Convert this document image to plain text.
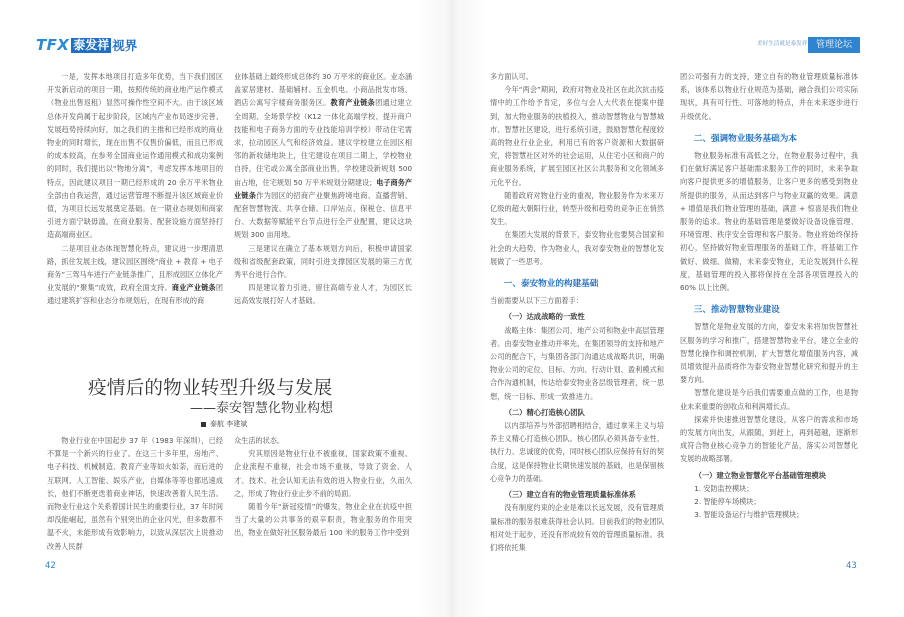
TFX 泰发祥 视界	美好生活就是泰发祥 管理论坛
一是，发挥本地项目打造多年优势，当下我们园区开发新启动的项目一期，按照传统的商业地产运作模式（物业出售返租）显然可操作性空间不大。由于该区域总体开发尚属于起步阶段，区域内产业布局逐步完善、发展趋势持续向好，加之我们的主推和已经形成的商业物业的同时增长，现在出售不仅售价偏低，而且已形成的成本较高，在参考全国商业运作通用模式和成功案例的同时，我们提出以“物地分离”，考虑发挥本地项目的特点，因此建议项目一期已经形成的 20 余万平米物业全部由自我运营，通过运营管理不断提升该区域商业价值，为项目长远发展奠定基础。在一期业态规划和商家引进方面宁缺毋滥，在商业服务、配套设施方面坚持打造高端商业区。
二是项目业态体现智慧化特点，建议进一步理清思路，抓住发展主线，建议园区围绕“商业 + 教育 + 电子商务”三驾马车进行产业链条推广，且形成园区立体化产业发展的“聚集”成效，政府全面支持。商业产业链条团通过建筑扩容和业态分布规划后，在现有形成的商
业体基础上最终形成总体约 30 万平米的商业区。业态涵盖家居建材、基础辅材、五金机电、小商品批发市场、酒店公寓写字楼商务服务区。教育产业链条团通过建立全周期、全场景学校（K12 一体化高端学校、提升商户技能和电子商务方面的专业技能培训学校）带动住宅需求，拉动园区人气和经济效益。建议学校建立在园区相邻的新收储地块上，住宅建设在项目二期上，学校物业自持，住宅或公寓全部商业出售，学校建设新规划 500 亩占地，住宅规划 50 万平米规划分期建设；电子商务产业链条作为园区的招商产业聚焦跨境电商、直播营销、配套智慧物流、共享仓储、口岸站点、保税仓、信息平台、大数据等赋能平台节点进行全产业配置，建议这块规划 300 亩用地。
三是建议在确立了基本规划方向后，积极申请国家级和省级配套政策，同时引进支撑园区发展的第三方优秀平台进行合作。
四是建议着力引进、留住高端专业人才，为园区长远高效发展打好人才基础。
疫情后的物业转型升级与发展
——泰安智慧化物业构想
泰航 李建斌
物业行业在中国起步 37 年（1983 年深圳），已经不算是一个新兴的行业了。在这三十多年里，房地产、电子科技、机械制造、教育产业等如火如荼，而后进的互联网、人工智能、娱乐产业，自媒体等等也都迅速成长，他们不断更迭着商业神话，快速改善着人民生活。而物业行业这个关系着国计民生的重要行业，37 年时间却没能崛起，虽然有个别突出的企业闪光，但多数都不温不火，未能形成有效影响力，以致从深层次上说推动改善人民群
众生活的状态。
究其原因是物业行业不被重视，国家政策不重视、企业流程不重视，社会市场不重视，导致了资金、人才、技术、社会认知无法有效的进入物业行业，久而久之，形成了物业行业止步不前的局面。
随着今年“新冠疫情”的爆发，物业企业在抗疫中担当了大量的公共事务的艰辛职责，物业服务的作用突出，物业在做好社区服务最后 100 米的服务工作中受到
42
多方面认可。
今年“两会”期间，政府对物业及社区在此次抗击疫情中的工作给予肯定，多位与会人大代表在提案中提到，加大物业服务的扶植投入，推动智慧物业与智慧城市、智慧社区建设，进行系统引进，鼓励智慧化程度较高的物业行业企业，利用已有的客户资源和大数据研究，将智慧社区对外的社会运用，从住宅小区和商户的商业服务系统，扩展至园区社区公共服务和文化领域多元化平台。
随着政府对物业行业的重视，物业服务作为未来万亿级的超大朝阳行业，转型升级和趋势的竞争正在悄然发生。
在集团大发展的背景下，泰安物业也要契合国家和社会的大趋势，作为物业人，我对泰安物业的智慧化发展做了一些思考。
一、泰安物业的构建基础
当前需要从以下三方面着手：
（一）达成战略的一致性
战略主体：集团公司、地产公司和物业中高层管理者。由泰安物业推动并率先，在集团领导的支持和地产公司的配合下，与集团各部门沟通达成战略共识，明确物业公司的定位、目标、方向、行动计划、盈利模式和合作沟通机制，传达给泰安物业各层级管理者，统一思想，统一目标、形成一致推进力。
（二）精心打造核心团队
以内部培养与外部招聘相结合，通过拿来主义与培养主义精心打造核心团队。核心团队必须具备专业性、执行力、忠诚度的优势，同时核心团队应保持有好的契合度，这是保持物业长期快速发展的基础，也是保留核心竞争力的基础。
（三）建立自有的物业管理质量标准体系
没有制度约束的企业是难以长远发展，没有管理质量标准的服务很难获得社会认同。目前我们的物业团队相对处于起步，还没有形成较有效的管理质量标准。我们将依托集
团公司强有力的支持，建立自有的物业管理质量标准体系，该体系以物业行业规范为基础，融合我们公司实际现状，具有可行性、可落地的特点，并在未来逐步进行升级优化。
二、强调物业服务基础为本
物业服务标准有高低之分，在物业服务过程中，我们在做好满足客户基础需求服务工作的同时，未来争取向客户提供更多的增值服务，让客户更多的感受到物业所提供的服务，从而达到客户与物业双赢的效果。满意 + 增值是我们物业管理的基础，满意 + 惊喜是我们物业服务的追求。物业的基础管理是要做好设备设施管理、环境管理、秩序安全管理和客户服务。物业将始终保持初心，坚持做好物业管理服务的基础工作，将基础工作做好、做细、做精，未来泰安物业，无论发展到什么程度，基础管理的投入都将保持在全部各项管理投入的 60% 以上比例。
三、推动智慧物业建设
智慧化是物业发展的方向，泰安未来将加快智慧社区服务的学习和推广，搭建智慧物业平台，建立全业的智慧化操作和调控机制，扩大智慧化增值服务内容，减员增效提升品质将作为泰安物业智慧化研究和提升的主要方向。
智慧化建设是今后我们需要重点做的工作，也是物业未来重要的创收点和利润增长点。
探索并快速推进智慧化建设，从客户的需求和市场的发展方向出发，从跟随，到赶上，再到超越，逐渐形成符合物业核心竞争力的智能化产品，落实公司智慧化发展的战略部署。
（一）建立物业智慧化平台基础管理模块
1. 安防监控模块；
2. 智能停车场模块；
3. 智能设备运行与维护管理模块；
43
